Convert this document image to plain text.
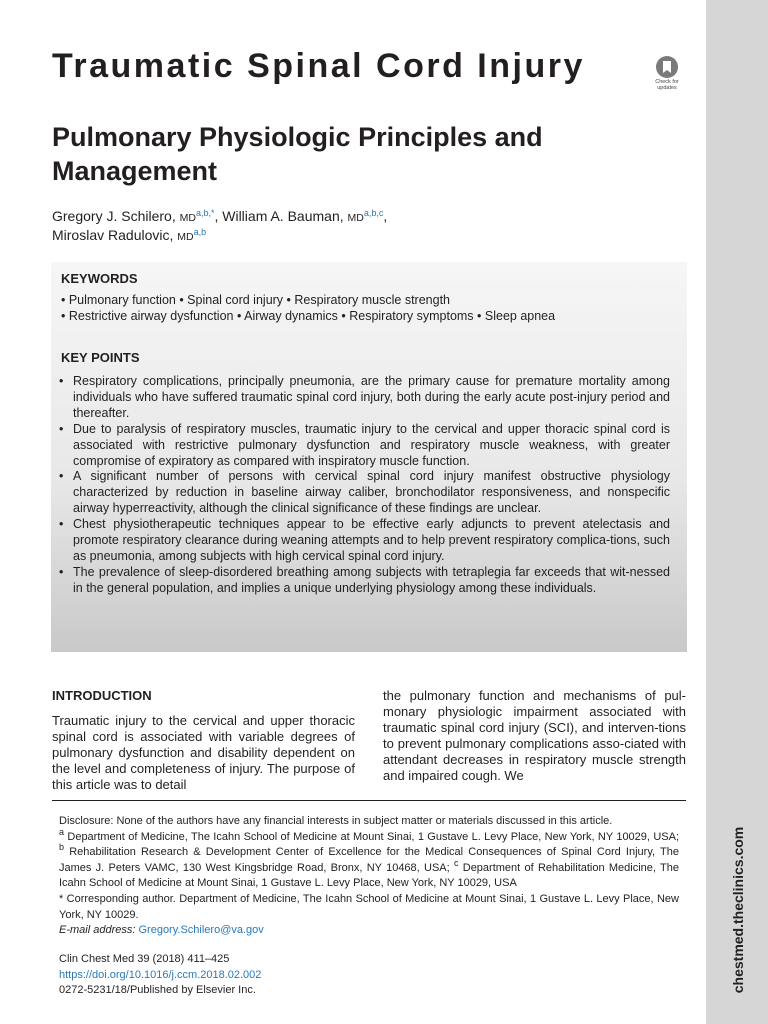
chestmed.theclinics.com
Traumatic Spinal Cord Injury
Pulmonary Physiologic Principles and Management
Check for updates
Gregory J. Schilero, $MD^{a,b,*}$, William A. Bauman, MD$^{a,b,c}$,
Miroslav Radulovic, MD$^{a,b}$
KEYWORDS
• Pulmonary function • Spinal cord injury • Respiratory muscle strength
• Restrictive airway dysfunction • Airway dynamics • Respiratory symptoms • Sleep apnea
KEY POINTS
• Respiratory complications, principally pneumonia, are the primary cause for premature mortality among individuals who have suffered traumatic spinal cord injury, both during the early acute post-injury period and thereafter.
• Due to paralysis of respiratory muscles, traumatic injury to the cervical and upper thoracic spinal cord is associated with restrictive pulmonary dysfunction and respiratory muscle weakness, with greater compromise of expiratory as compared with inspiratory muscle function.
• A significant number of persons with cervical spinal cord injury manifest obstructive physiology characterized by reduction in baseline airway caliber, bronchodilator responsiveness, and nonspecific airway hyperreactivity, although the clinical significance of these findings are unclear.
• Chest physiotherapeutic techniques appear to be effective early adjuncts to prevent atelectasis and promote respiratory clearance during weaning attempts and to help prevent respiratory complica-tions, such as pneumonia, among subjects with high cervical spinal cord injury.
• The prevalence of sleep-disordered breathing among subjects with tetraplegia far exceeds that wit-nessed in the general population, and implies a unique underlying physiology among these individuals.
INTRODUCTION
Traumatic injury to the cervical and upper thoracic spinal cord is associated with variable degrees of pulmonary dysfunction and disability dependent on the level and completeness of injury. The purpose of this article was to detail
the pulmonary function and mechanisms of pul-monary physiologic impairment associated with traumatic spinal cord injury (SCI), and interven-tions to prevent pulmonary complications asso-ciated with attendant decreases in respiratory muscle strength and impaired cough. We

Disclosure: None of the authors have any financial interests in subject matter or materials discussed in this article.

$^a$ Department of Medicine, The Icahn School of Medicine at Mount Sinai, 1 Gustave L. Levy Place, New York, NY 10029, USA; $^b$ Rehabilitation Research & Development Center of Excellence for the Medical Consequences of Spinal Cord Injury, The James J. Peters VAMC, 130 West Kingsbridge Road, Bronx, NY 10468, USA; $^c$ Department of Rehabilitation Medicine, The Icahn School of Medicine at Mount Sinai, 1 Gustave L. Levy Place, New York, NY 10029, USA

* Corresponding author. Department of Medicine, The Icahn School of Medicine at Mount Sinai, 1 Gustave L. Levy Place, New York, NY 10029.

E-mail address: Gregory.Schilero@va.gov

Clin Chest Med 39 (2018) 411–425

https://doi.org/10.1016/j.ccm.2018.02.002

0272-5231/18/Published by Elsevier Inc.
